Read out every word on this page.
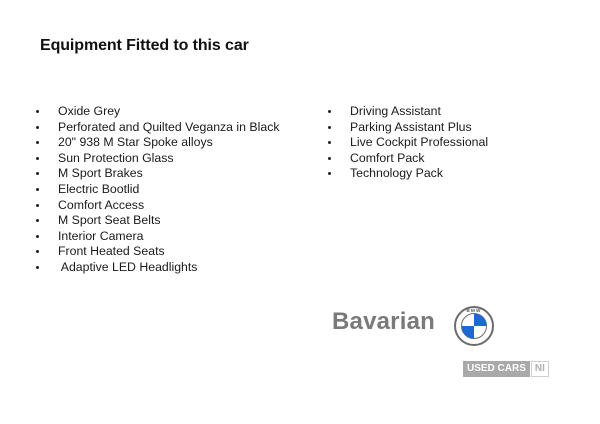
Equipment Fitted to this car
Oxide Grey
Perforated and Quilted Veganza in Black
20" 938 M Star Spoke alloys
Sun Protection Glass
M Sport Brakes
Electric Bootlid
Comfort Access
M Sport Seat Belts
Interior Camera
Front Heated Seats
Adaptive LED Headlights
Driving Assistant
Parking Assistant Plus
Live Cockpit Professional
Comfort Pack
Technology Pack
Bavarian	BMW
USED CARS NI
